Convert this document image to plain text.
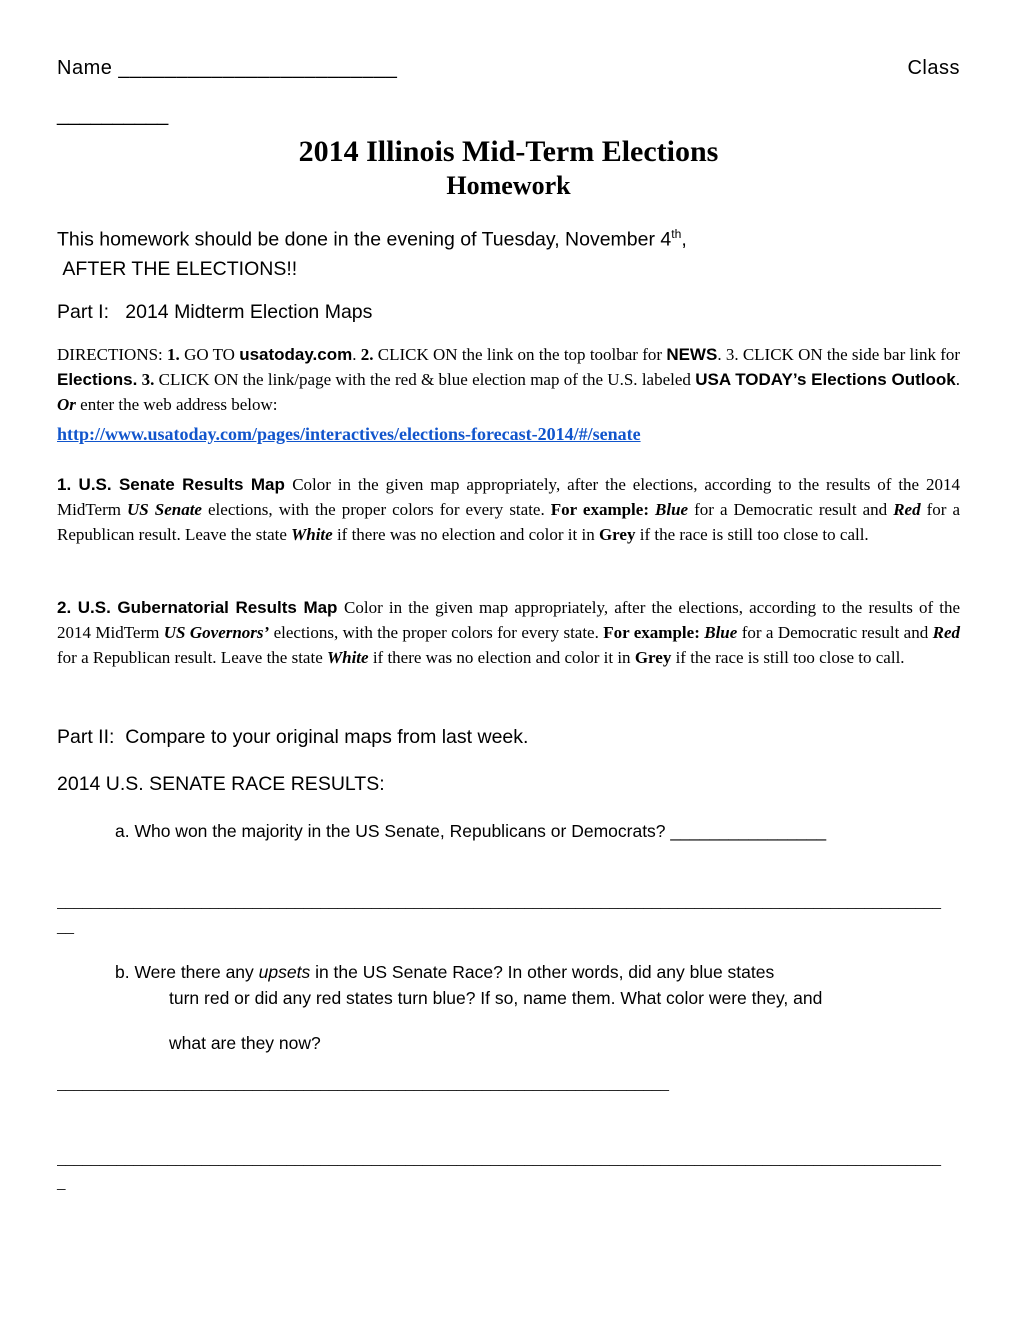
Name ________________________	Class
__________
2014 Illinois Mid-Term Elections
Homework
This homework should be done in the evening of Tuesday, November 4th,
AFTER THE ELECTIONS!!
Part I:   2014 Midterm Election Maps
DIRECTIONS: 1. GO TO usatoday.com. 2. CLICK ON the link on the top toolbar for NEWS. 3. CLICK ON the side bar link for Elections. 3. CLICK ON the link/page with the red & blue election map of the U.S. labeled USA TODAY’s Elections Outlook.  Or enter the web address below:
http://www.usatoday.com/pages/interactives/elections-forecast-2014/#/senate
1. U.S. Senate Results Map Color in the given map appropriately, after the elections, according to the results of the 2014 MidTerm US Senate elections, with the proper colors for every state. For example: Blue for a Democratic result and Red for a Republican result. Leave the state White if there was no election and color it in Grey if the race is still too close to call.
2. U.S. Gubernatorial Results Map Color in the given map appropriately, after the elections, according to the results of the 2014 MidTerm US Governors’ elections, with the proper colors for every state. For example: Blue for a Democratic result and Red for a Republican result. Leave the state White if there was no election and color it in Grey if the race is still too close to call.
Part II:  Compare to your original maps from last week.
2014 U.S. SENATE RACE RESULTS:
a. Who won the majority in the US Senate, Republicans or Democrats? ________________
________________________________________________________________________________________________________
__
b. Were there any upsets in the US Senate Race? In other words, did any blue states
turn red or did any red states turn blue? If so, name them. What color were they, and
what are they now?
________________________________________________________________________
________________________________________________________________________________________________________
_
